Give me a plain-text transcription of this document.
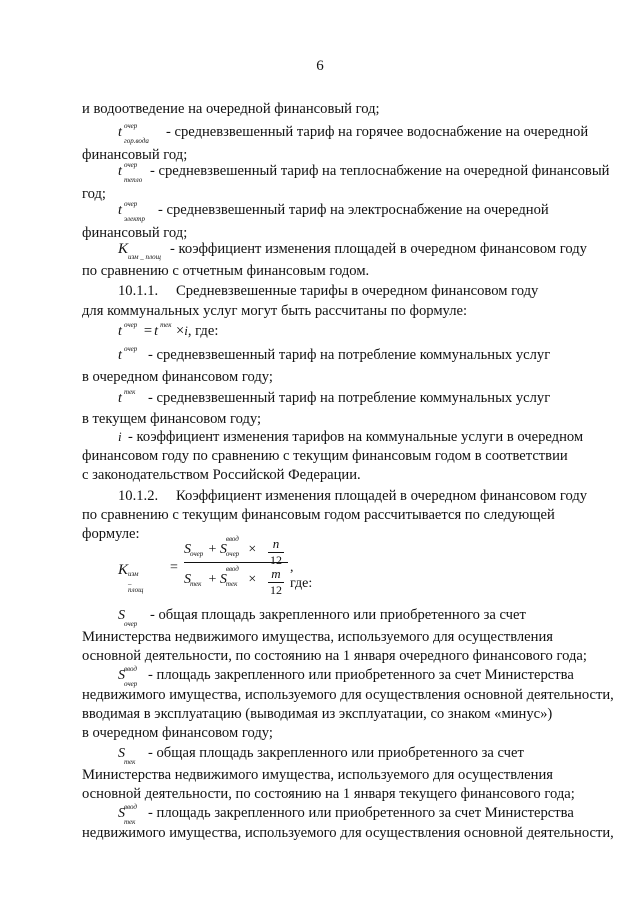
6
и водоотведение на очередной финансовый год;
t очер
гор.вода
- средневзвешенный тариф на горячее водоснабжение на очередной
финансовый год;
t очер
тепло
- средневзвешенный тариф на теплоснабжение на очередной финансовый
год;
t очер
электр
- средневзвешенный тариф на электроснабжение на очередной
финансовый год;
K изм _ площ - коэффициент изменения площадей в очередном финансовом году
по сравнению с отчетным финансовым годом.
10.1.1. Средневзвешенные тарифы в очередном финансовом году
для коммунальных услуг могут быть рассчитаны по формуле:
t очер = t тек ×i, где:
t очер - средневзвешенный тариф на потребление коммунальных услуг
в очередном финансовом году;
t тек - средневзвешенный тариф на потребление коммунальных услуг
в текущем финансовом году;
i - коэффициент изменения тарифов на коммунальные услуги в очередном
финансовом году по сравнению с текущим финансовым годом в соответствии
с законодательством Российской Федерации.
10.1.2. Коэффициент изменения площадей в очередном финансовом году
по сравнению с текущим финансовым годом рассчитывается по следующей
формуле:
K изм _ площ
=
S очер + S
ввод
очер × $\frac{n}{12}$
S тек + S
ввод
тек × $\frac{m}{12}$ , где:
S
очер
- общая площадь закрепленного или приобретенного за счет
Министерства недвижимого имущества, используемого для осуществления
основной деятельности, по состоянию на 1 января очередного финансового года;
S ввод
очер
- площадь закрепленного или приобретенного за счет Министерства
недвижимого имущества, используемого для осуществления основной деятельности,
вводимая в эксплуатацию (выводимая из эксплуатации, со знаком «минус»)
в очередном финансовом году;
S
тек
- общая площадь закрепленного или приобретенного за счет
Министерства недвижимого имущества, используемого для осуществления
основной деятельности, по состоянию на 1 января текущего финансового года;
S ввод
тек
- площадь закрепленного или приобретенного за счет Министерства
недвижимого имущества, используемого для осуществления основной деятельности,
